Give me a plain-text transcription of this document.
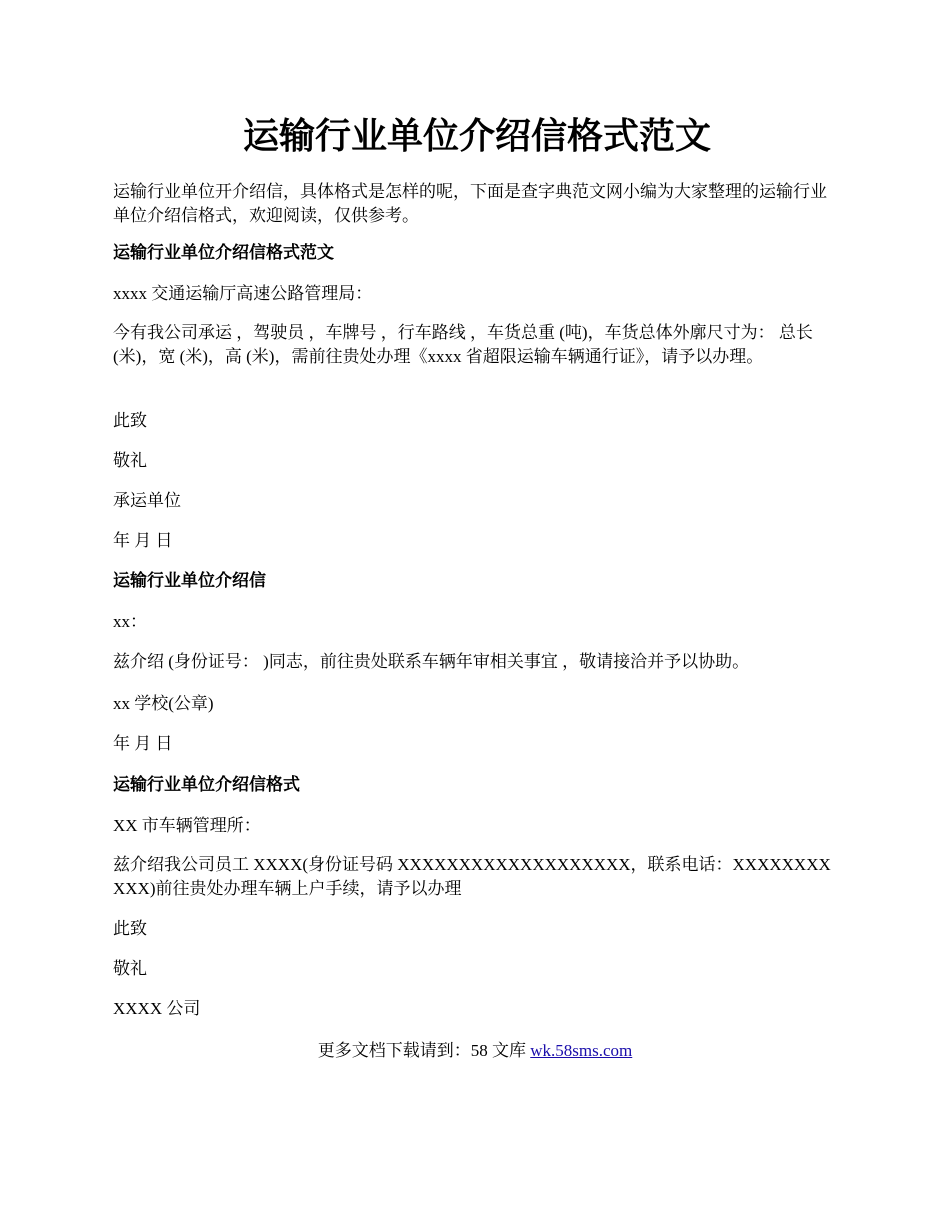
运输行业单位介绍信格式范文

运输行业单位开介绍信，具体格式是怎样的呢，下面是查字典范文网小编为大家整理的运输行业单位介绍信格式，欢迎阅读，仅供参考。

运输行业单位介绍信格式范文

xxxx 交通运输厅高速公路管理局：

今有我公司承运 ，驾驶员 ，车牌号 ，行车路线 ，车货总重 (吨)，车货总体外廓尺寸为： 总长 (米)，宽 (米)，高 (米)，需前往贵处办理《xxxx 省超限运输车辆通行证》，请予以办理。

此致

敬礼

承运单位

年 月 日

运输行业单位介绍信

xx：

兹介绍 (身份证号： )同志，前往贵处联系车辆年审相关事宜 ，敬请接洽并予以协助。

xx 学校(公章)

年 月 日

运输行业单位介绍信格式

XX 市车辆管理所：

兹介绍我公司员工 XXXX(身份证号码 XXXXXXXXXXXXXXXXXXX，联系电话：XXXXXXXXXXX)前往贵处办理车辆上户手续，请予以办理

此致

敬礼

XXXX 公司

更多文档下载请到：58 文库 wk.58sms.com
